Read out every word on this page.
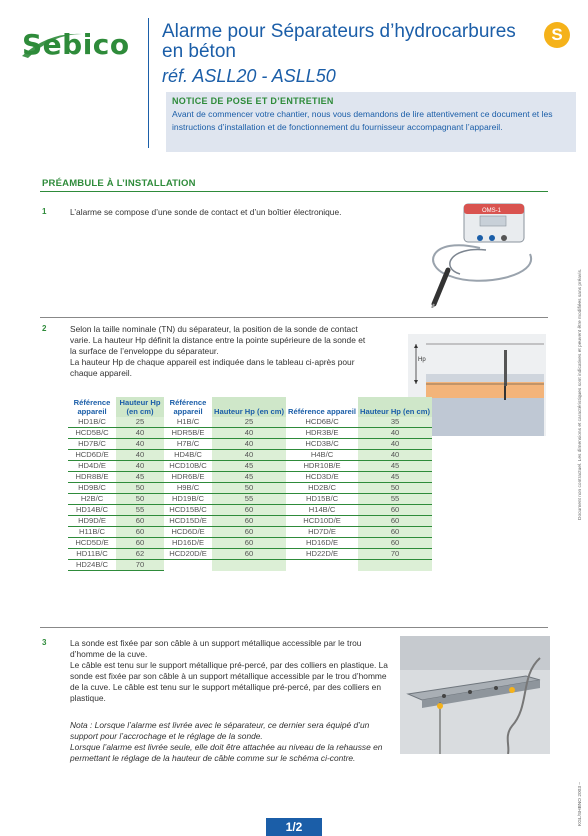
Sebico Alarme pour Séparateurs d’hydrocarbures en béton
réf. ASLL20 - ASLL50
S
NOTICE DE POSE ET D’ENTRETIEN
Avant de commencer votre chantier, nous vous demandons de lire attentivement ce document et les instructions d’installation et de fonctionnement du fournisseur accompagnant l’appareil.
PRÉAMBULE À L’INSTALLATION
1	L’alarme se compose d’une sonde de contact et d’un boîtier électronique.	OMS-1
2	Selon la taille nominale (TN) du séparateur, la position de la sonde de contact varie. La hauteur Hp définit la distance entre la pointe supérieure de la sonde et la surface de l’enveloppe du séparateur.

La hauteur Hp de chaque appareil est indiquée dans le tableau ci-après pour chaque appareil.

Hp
Référence appareil	Hauteur Hp (en cm)	Référence appareil	Hauteur Hp (en cm)	Référence appareil	Hauteur Hp (en cm)
HD1B/C	25	H1B/C	25	HCD6B/C	35
HCD5B/C	40	HDR5B/E	40	HDR3B/E	40
HD7B/C	40	H7B/C	40	HCD3B/C	40
HCD6D/E	40	HD4B/C	40	H4B/C	40
HD4D/E	40	HCD10B/C	45	HDR10B/E	45
HDR8B/E	45	HDR6B/E	45	HCD3D/E	45
HD9B/C	50	H9B/C	50	HD2B/C	50
H2B/C	50	HD19B/C	55	HD15B/C	55
HD14B/C	55	HCD15B/C	60	H14B/C	60
HD9D/E	60	HCD15D/E	60	HCD10D/E	60
H11B/C	60	HCD6D/E	60	HD7D/E	60
HCD5D/E	60	HD16D/E	60	HD16D/E	60
HD11B/C	62	HCD20D/E	60	HD22D/E	70
HD24B/C	70				
3	La sonde est fixée par son câble à un support métallique accessible par le trou d’homme de la cuve.

Le câble est tenu sur le support métallique pré-percé, par des colliers en plastique. La sonde est fixée par son câble à un support métallique accessible par le trou d’homme de la cuve. Le câble est tenu sur le support métallique pré-percé, par des colliers en plastique.

Nota : Lorsque l’alarme est livrée avec le séparateur, ce dernier sera équipé d’un support pour l’accrochage et le réglage de la sonde.

Lorsque l’alarme est livrée seule, elle doit être attachée au niveau de la rehausse en permettant le réglage de la hauteur de câble comme sur le schéma ci-contre.

1/2
Document non contractuel. Les dimensions et caractéristiques sont indicatives et peuvent être modifiées sans préavis.
KGL/SHBNO 2003 –
